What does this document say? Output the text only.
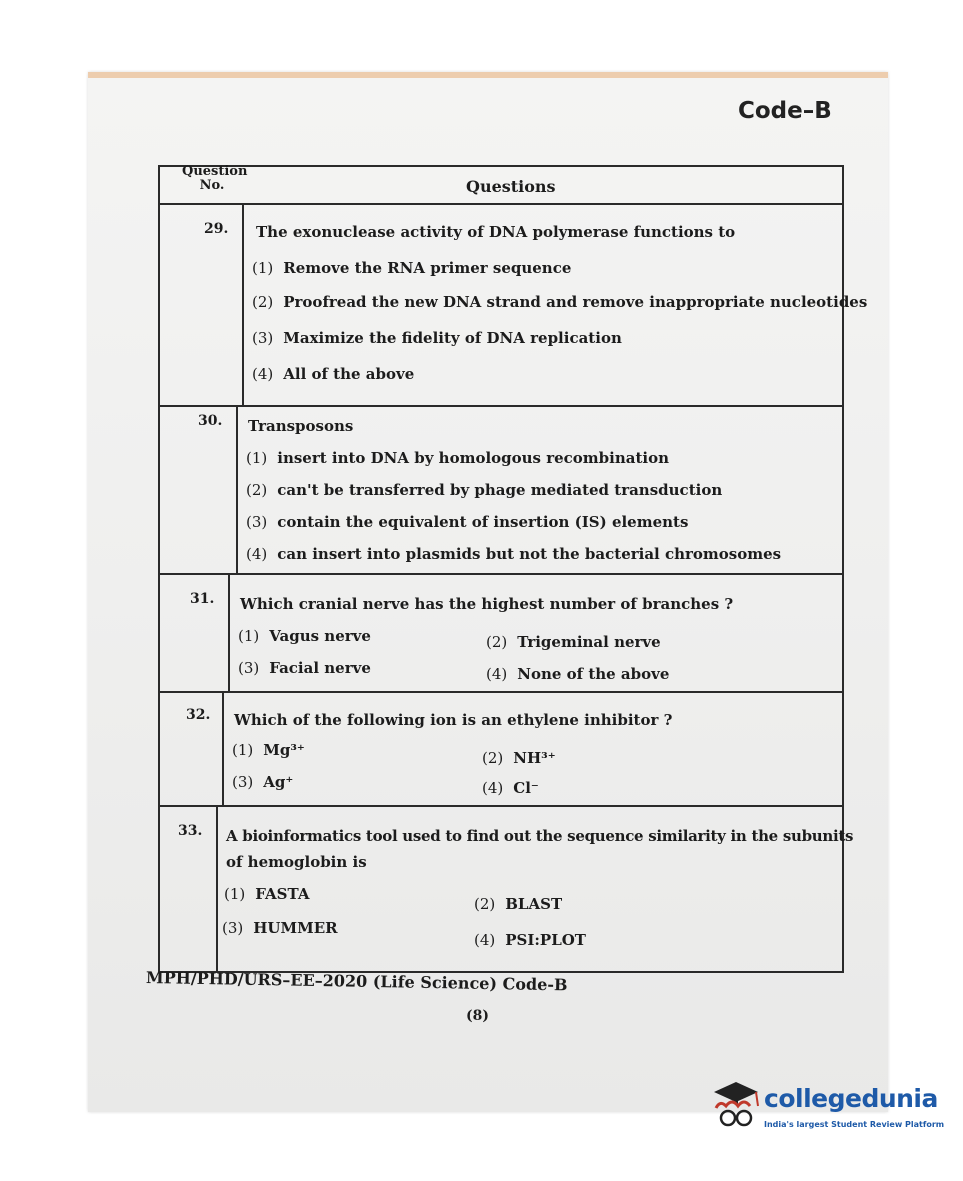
Code–B
Question No.	Questions
29. The exonuclease activity of DNA polymerase functions to
(1) Remove the RNA primer sequence
(2) Proofread the new DNA strand and remove inappropriate nucleotides
(3) Maximize the fidelity of DNA replication
(4) All of the above
30. Transposons
(1) insert into DNA by homologous recombination
(2) can't be transferred by phage mediated transduction
(3) contain the equivalent of insertion (IS) elements
(4) can insert into plasmids but not the bacterial chromosomes
31. Which cranial nerve has the highest number of branches ?
(1) Vagus nerve	(2) Trigeminal nerve
(3) Facial nerve	(4) None of the above
32. Which of the following ion is an ethylene inhibitor ?
(1) Mg³⁺	(2) NH³⁺
(3) Ag⁺	(4) Cl⁻
33. A bioinformatics tool used to find out the sequence similarity in the subunits
of hemoglobin is
(1) FASTA
(2) BLAST
(3) HUMMER
(4) PSI:PLOT
MPH/PHD/URS–EE–2020 (Life Science) Code-B
(8)
collegedunia
India's largest Student Review Platform
